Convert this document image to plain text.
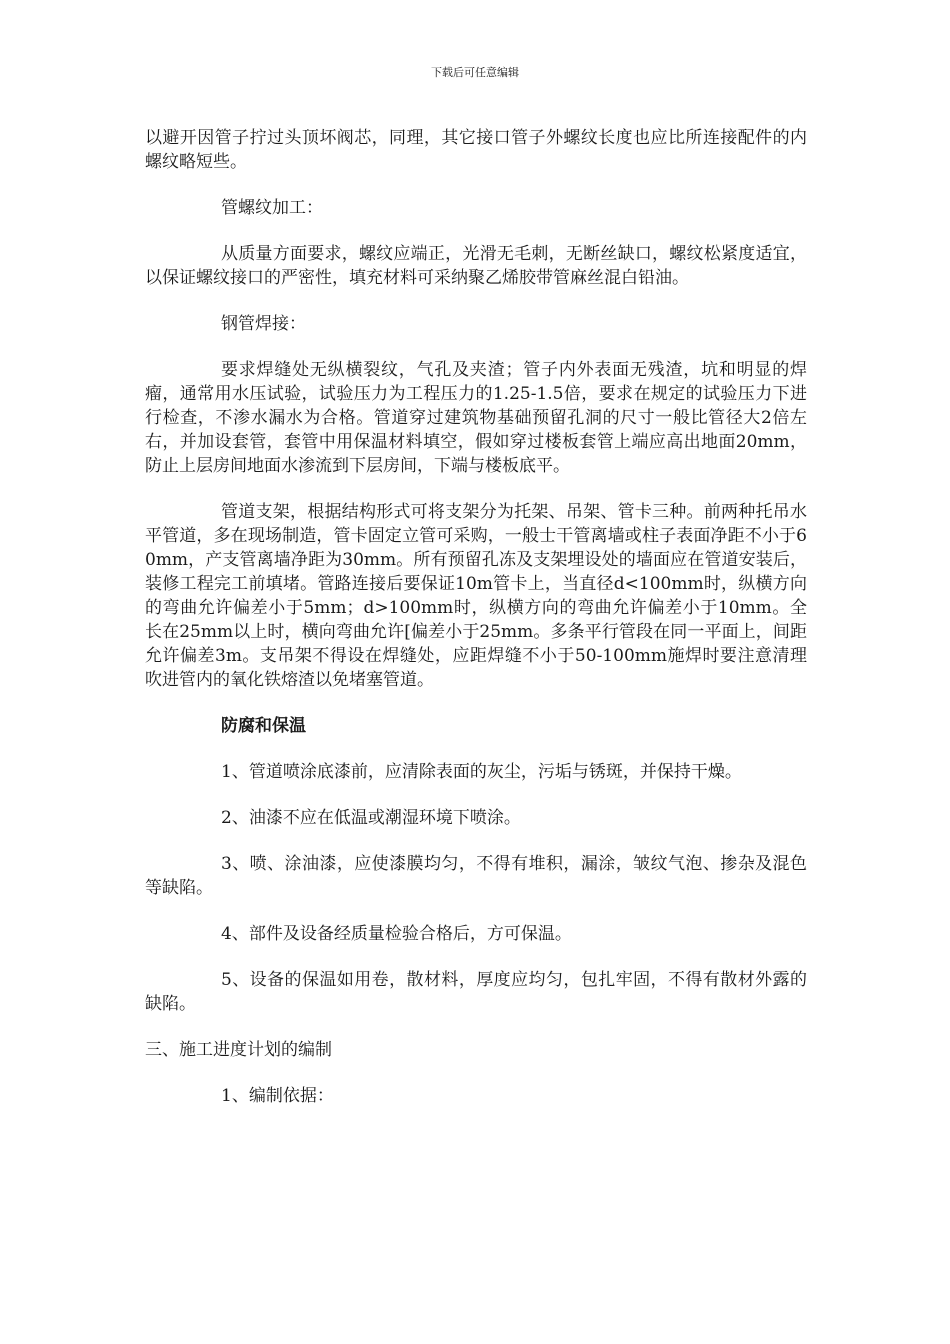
下载后可任意编辑

以避开因管子拧过头顶坏阀芯，同理，其它接口管子外螺纹长度也应比所连接配件的内螺纹略短些。

管螺纹加工：

从质量方面要求，螺纹应端正，光滑无毛刺，无断丝缺口，螺纹松紧度适宜，以保证螺纹接口的严密性，填充材料可采纳聚乙烯胶带管麻丝混白铅油。

钢管焊接：

要求焊缝处无纵横裂纹，气孔及夹渣；管子内外表面无残渣，坑和明显的焊瘤，通常用水压试验，试验压力为工程压力的1.25-1.5倍，要求在规定的试验压力下进行检查，不渗水漏水为合格。管道穿过建筑物基础预留孔洞的尺寸一般比管径大2倍左右，并加设套管，套管中用保温材料填空，假如穿过楼板套管上端应高出地面20mm，防止上层房间地面水渗流到下层房间，下端与楼板底平。

管道支架，根据结构形式可将支架分为托架、吊架、管卡三种。前两种托吊水平管道，多在现场制造，管卡固定立管可采购，一般士干管离墙或柱子表面净距不小于60mm，产支管离墙净距为30mm。所有预留孔冻及支架埋设处的墙面应在管道安装后，装修工程完工前填堵。管路连接后要保证10m管卡上，当直径d<100mm时，纵横方向的弯曲允许偏差小于5mm；d>100mm时，纵横方向的弯曲允许偏差小于10mm。全长在25mm以上时，横向弯曲允许[偏差小于25mm。多条平行管段在同一平面上，间距允许偏差3m。支吊架不得设在焊缝处，应距焊缝不小于50-100mm施焊时要注意清理吹进管内的氧化铁熔渣以免堵塞管道。

防腐和保温

1、管道喷涂底漆前，应清除表面的灰尘，污垢与锈斑，并保持干燥。

2、油漆不应在低温或潮湿环境下喷涂。

3、喷、涂油漆，应使漆膜均匀，不得有堆积，漏涂，皱纹气泡、掺杂及混色等缺陷。

4、部件及设备经质量检验合格后，方可保温。

5、设备的保温如用卷，散材料，厚度应均匀，包扎牢固，不得有散材外露的缺陷。

三、施工进度计划的编制

1、编制依据：
